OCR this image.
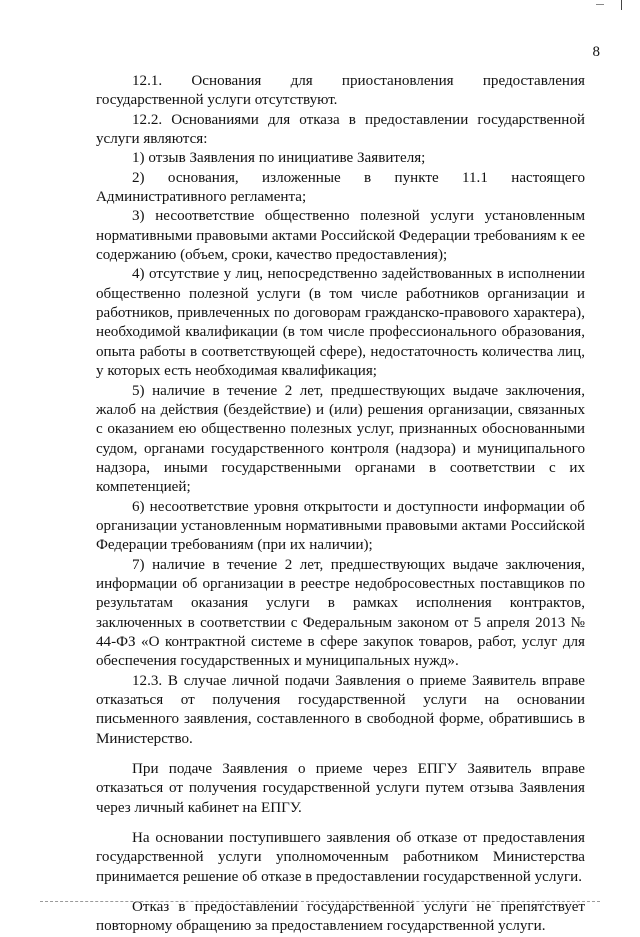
8

12.1. Основания для приостановления предоставления государственной услуги отсутствуют.

12.2. Основаниями для отказа в предоставлении государственной услуги являются:

1) отзыв Заявления по инициативе Заявителя;

2) основания, изложенные в пункте 11.1 настоящего Административного регламента;

3) несоответствие общественно полезной услуги установленным нормативными правовыми актами Российской Федерации требованиям к ее содержанию (объем, сроки, качество предоставления);

4) отсутствие у лиц, непосредственно задействованных в исполнении общественно полезной услуги (в том числе работников организации и работников, привлеченных по договорам гражданско-правового характера), необходимой квалификации (в том числе профессионального образования, опыта работы в соответствующей сфере), недостаточность количества лиц, у которых есть необходимая квалификация;

5) наличие в течение 2 лет, предшествующих выдаче заключения, жалоб на действия (бездействие) и (или) решения организации, связанных с оказанием ею общественно полезных услуг, признанных обоснованными судом, органами государственного контроля (надзора) и муниципального надзора, иными государственными органами в соответствии с их компетенцией;

6) несоответствие уровня открытости и доступности информации об организации установленным нормативными правовыми актами Российской Федерации требованиям (при их наличии);

7) наличие в течение 2 лет, предшествующих выдаче заключения, информации об организации в реестре недобросовестных поставщиков по результатам оказания услуги в рамках исполнения контрактов, заключенных в соответствии с Федеральным законом от 5 апреля 2013 № 44-ФЗ «О контрактной системе в сфере закупок товаров, работ, услуг для обеспечения государственных и муниципальных нужд».

12.3. В случае личной подачи Заявления о приеме Заявитель вправе отказаться от получения государственной услуги на основании письменного заявления, составленного в свободной форме, обратившись в Министерство.

При подаче Заявления о приеме через ЕПГУ Заявитель вправе отказаться от получения государственной услуги путем отзыва Заявления через личный кабинет на ЕПГУ.

На основании поступившего заявления об отказе от предоставления государственной услуги уполномоченным работником Министерства принимается решение об отказе в предоставлении государственной услуги.

Отказ в предоставлении государственной услуги не препятствует повторному обращению за предоставлением государственной услуги.
